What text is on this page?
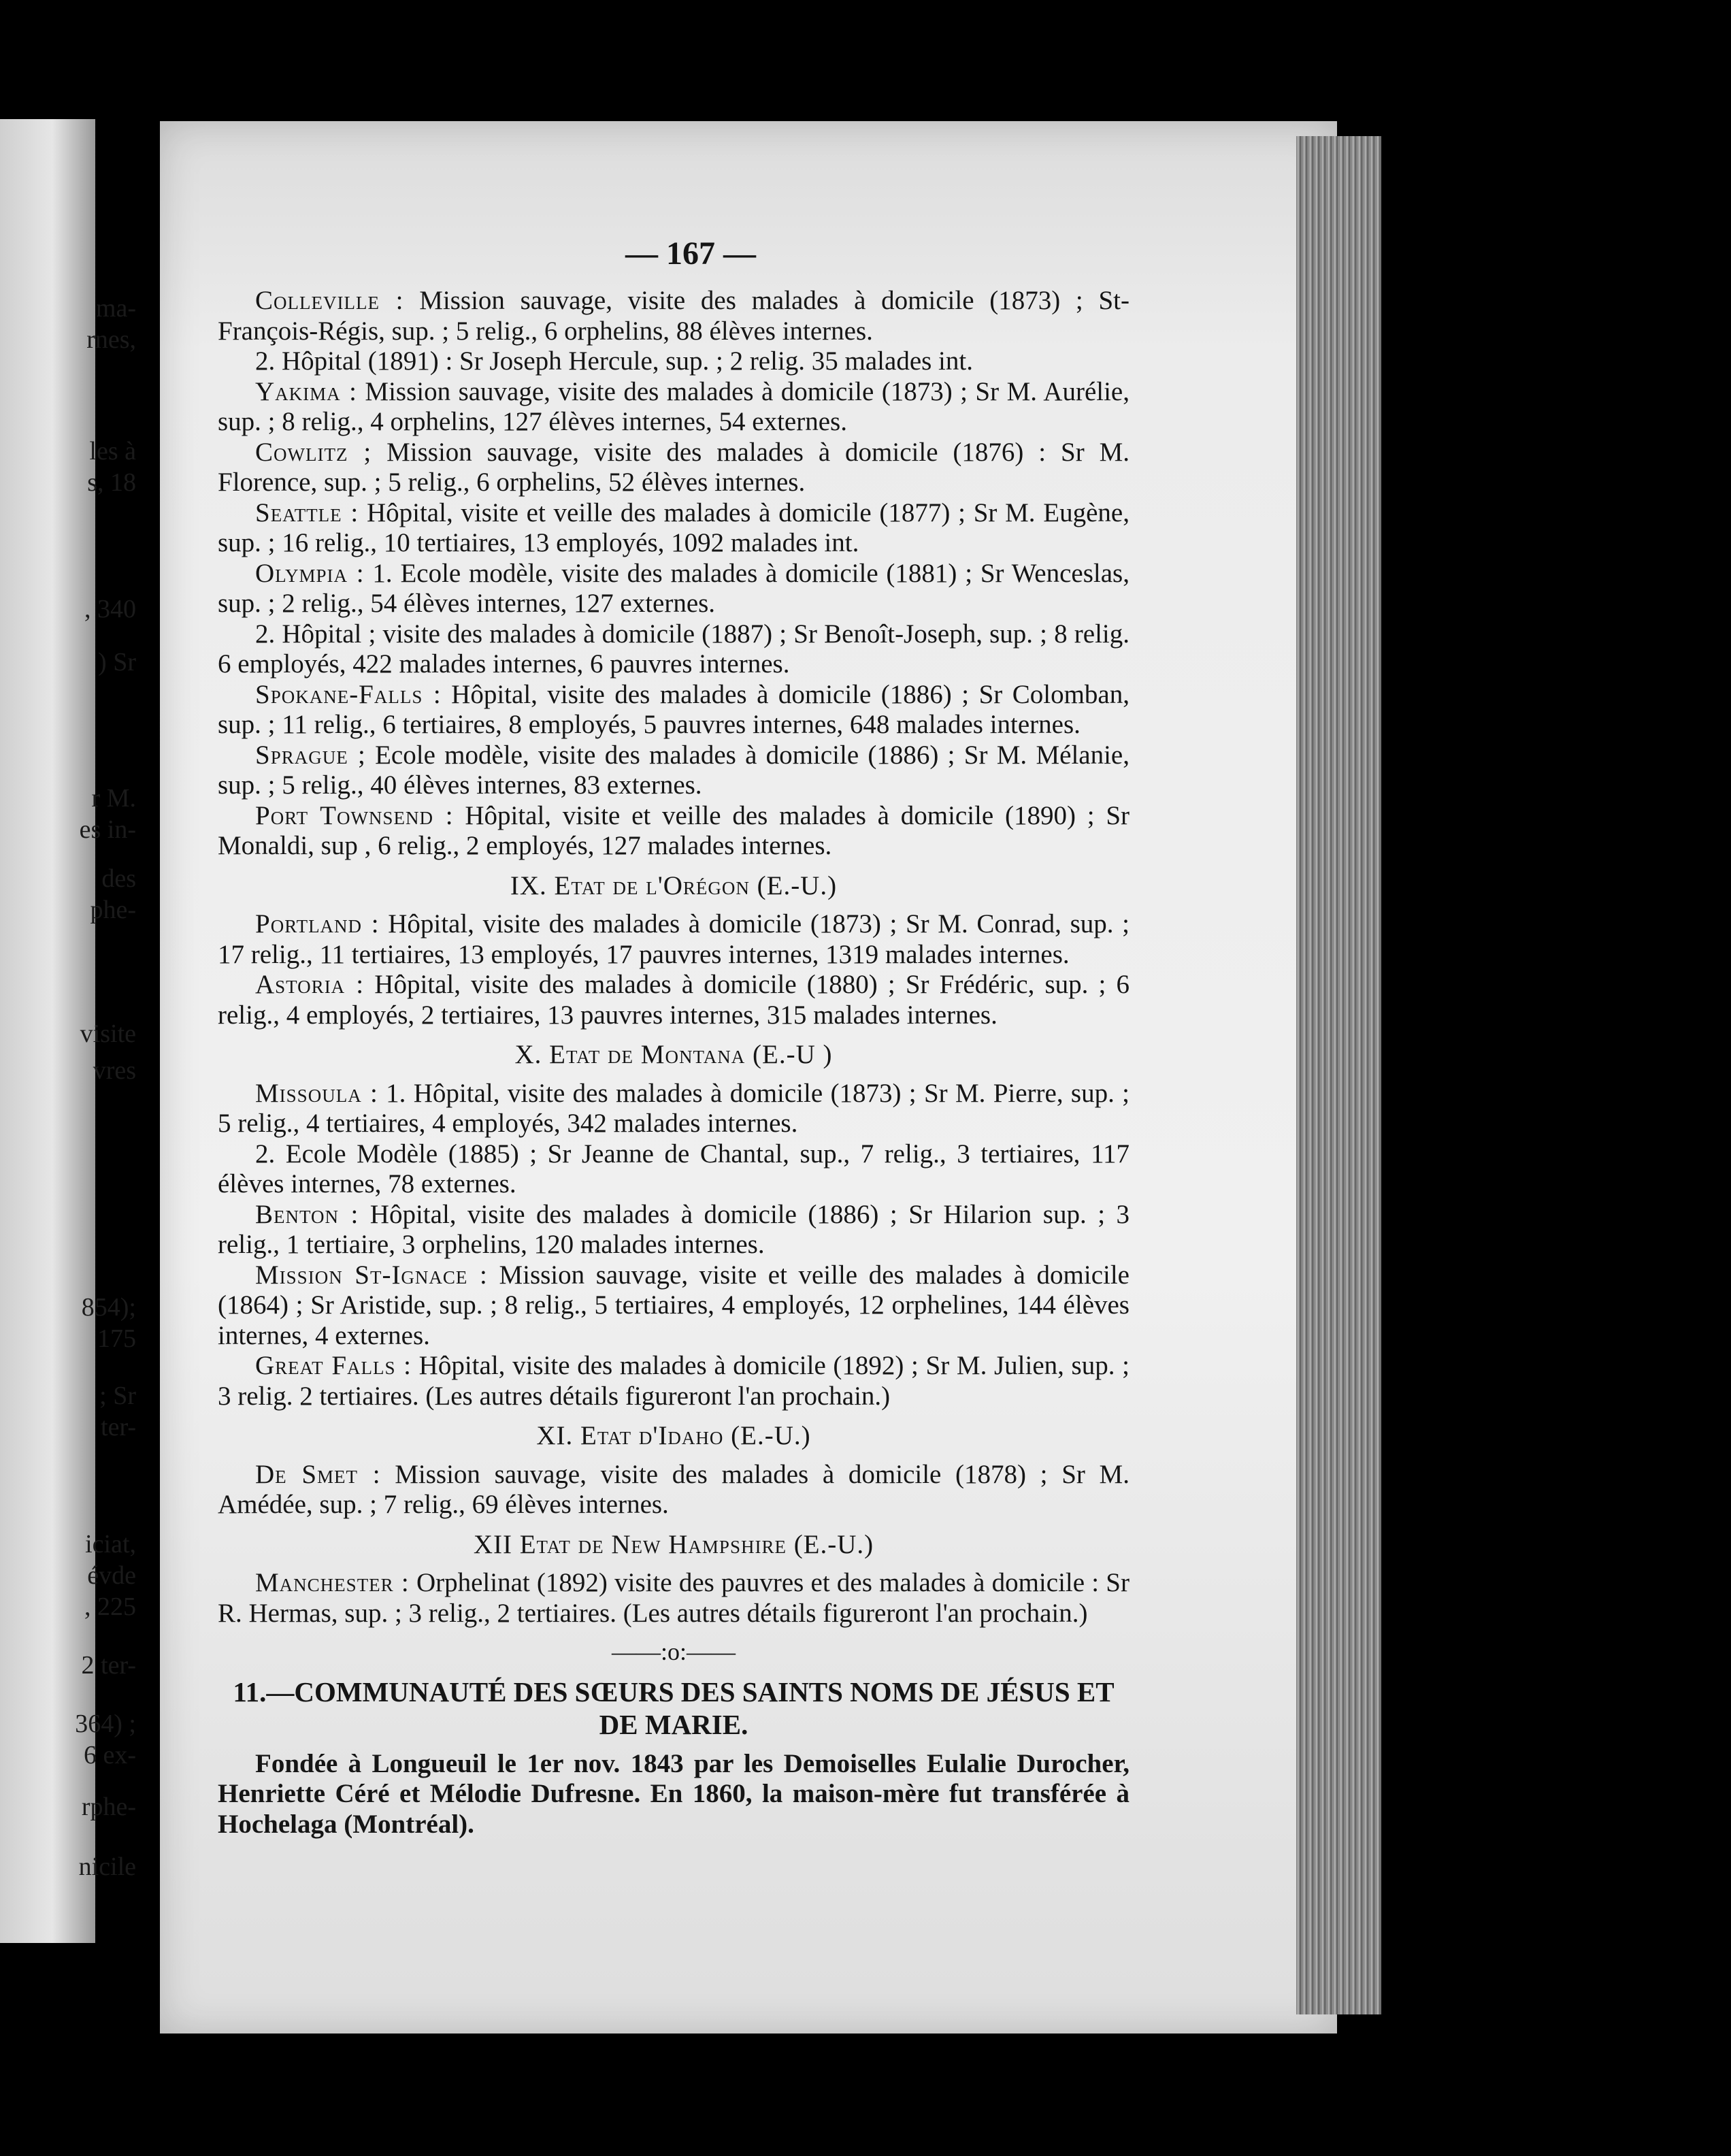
ma-
rnes,
les à
s, 18
, 340
) Sr
r M.
es in-
des
phe-
visite
vres
854);
175
; Sr
ter-
iciat,
évde
, 225
2 ter-
364) ;
6 ex-
rphe-
nicile
— 167 —

Colleville : Mission sauvage, visite des malades à domicile (1873) ; St-François-Régis, sup. ; 5 relig., 6 orphelins, 88 élèves internes.

2. Hôpital (1891) : Sr Joseph Hercule, sup. ; 2 relig. 35 malades int.

Yakima : Mission sauvage, visite des malades à domicile (1873) ; Sr M. Aurélie, sup. ; 8 relig., 4 orphelins, 127 élèves internes, 54 externes.

Cowlitz ; Mission sauvage, visite des malades à domicile (1876) : Sr M. Florence, sup. ; 5 relig., 6 orphelins, 52 élèves internes.

Seattle : Hôpital, visite et veille des malades à domicile (1877) ; Sr M. Eugène, sup. ; 16 relig., 10 tertiaires, 13 employés, 1092 malades int.

Olympia : 1. Ecole modèle, visite des malades à domicile (1881) ; Sr Wenceslas, sup. ; 2 relig., 54 élèves internes, 127 externes.

2. Hôpital ; visite des malades à domicile (1887) ; Sr Benoît-Joseph, sup. ; 8 relig. 6 employés, 422 malades internes, 6 pauvres internes.

Spokane-Falls : Hôpital, visite des malades à domicile (1886) ; Sr Colomban, sup. ; 11 relig., 6 tertiaires, 8 employés, 5 pauvres internes, 648 malades internes.

Sprague ; Ecole modèle, visite des malades à domicile (1886) ; Sr M. Mélanie, sup. ; 5 relig., 40 élèves internes, 83 externes.

Port Townsend : Hôpital, visite et veille des malades à domicile (1890) ; Sr Monaldi, sup , 6 relig., 2 employés, 127 malades internes.

IX. Etat de l'Orégon (E.-U.)

Portland : Hôpital, visite des malades à domicile (1873) ; Sr M. Conrad, sup. ; 17 relig., 11 tertiaires, 13 employés, 17 pauvres internes, 1319 malades internes.

Astoria : Hôpital, visite des malades à domicile (1880) ; Sr Frédéric, sup. ; 6 relig., 4 employés, 2 tertiaires, 13 pauvres internes, 315 malades internes.

X. Etat de Montana (E.-U )

Missoula : 1. Hôpital, visite des malades à domicile (1873) ; Sr M. Pierre, sup. ; 5 relig., 4 tertiaires, 4 employés, 342 malades internes.

2. Ecole Modèle (1885) ; Sr Jeanne de Chantal, sup., 7 relig., 3 tertiaires, 117 élèves internes, 78 externes.

Benton : Hôpital, visite des malades à domicile (1886) ; Sr Hilarion sup. ; 3 relig., 1 tertiaire, 3 orphelins, 120 malades internes.

Mission St-Ignace : Mission sauvage, visite et veille des malades à domicile (1864) ; Sr Aristide, sup. ; 8 relig., 5 tertiaires, 4 employés, 12 orphelines, 144 élèves internes, 4 externes.

Great Falls : Hôpital, visite des malades à domicile (1892) ; Sr M. Julien, sup. ; 3 relig. 2 tertiaires. (Les autres détails figureront l'an prochain.)

XI. Etat d'Idaho (E.-U.)

De Smet : Mission sauvage, visite des malades à domicile (1878) ; Sr M. Amédée, sup. ; 7 relig., 69 élèves internes.

XII Etat de New Hampshire (E.-U.)

Manchester : Orphelinat (1892) visite des pauvres et des malades à domicile : Sr R. Hermas, sup. ; 3 relig., 2 tertiaires. (Les autres détails figureront l'an prochain.)

——:o:——

11.—COMMUNAUTÉ DES SŒURS DES SAINTS NOMS DE JÉSUS ET DE MARIE.

Fondée à Longueuil le 1er nov. 1843 par les Demoiselles Eulalie Durocher, Henriette Céré et Mélodie Dufresne. En 1860, la maison-mère fut transférée à Hochelaga (Montréal).
